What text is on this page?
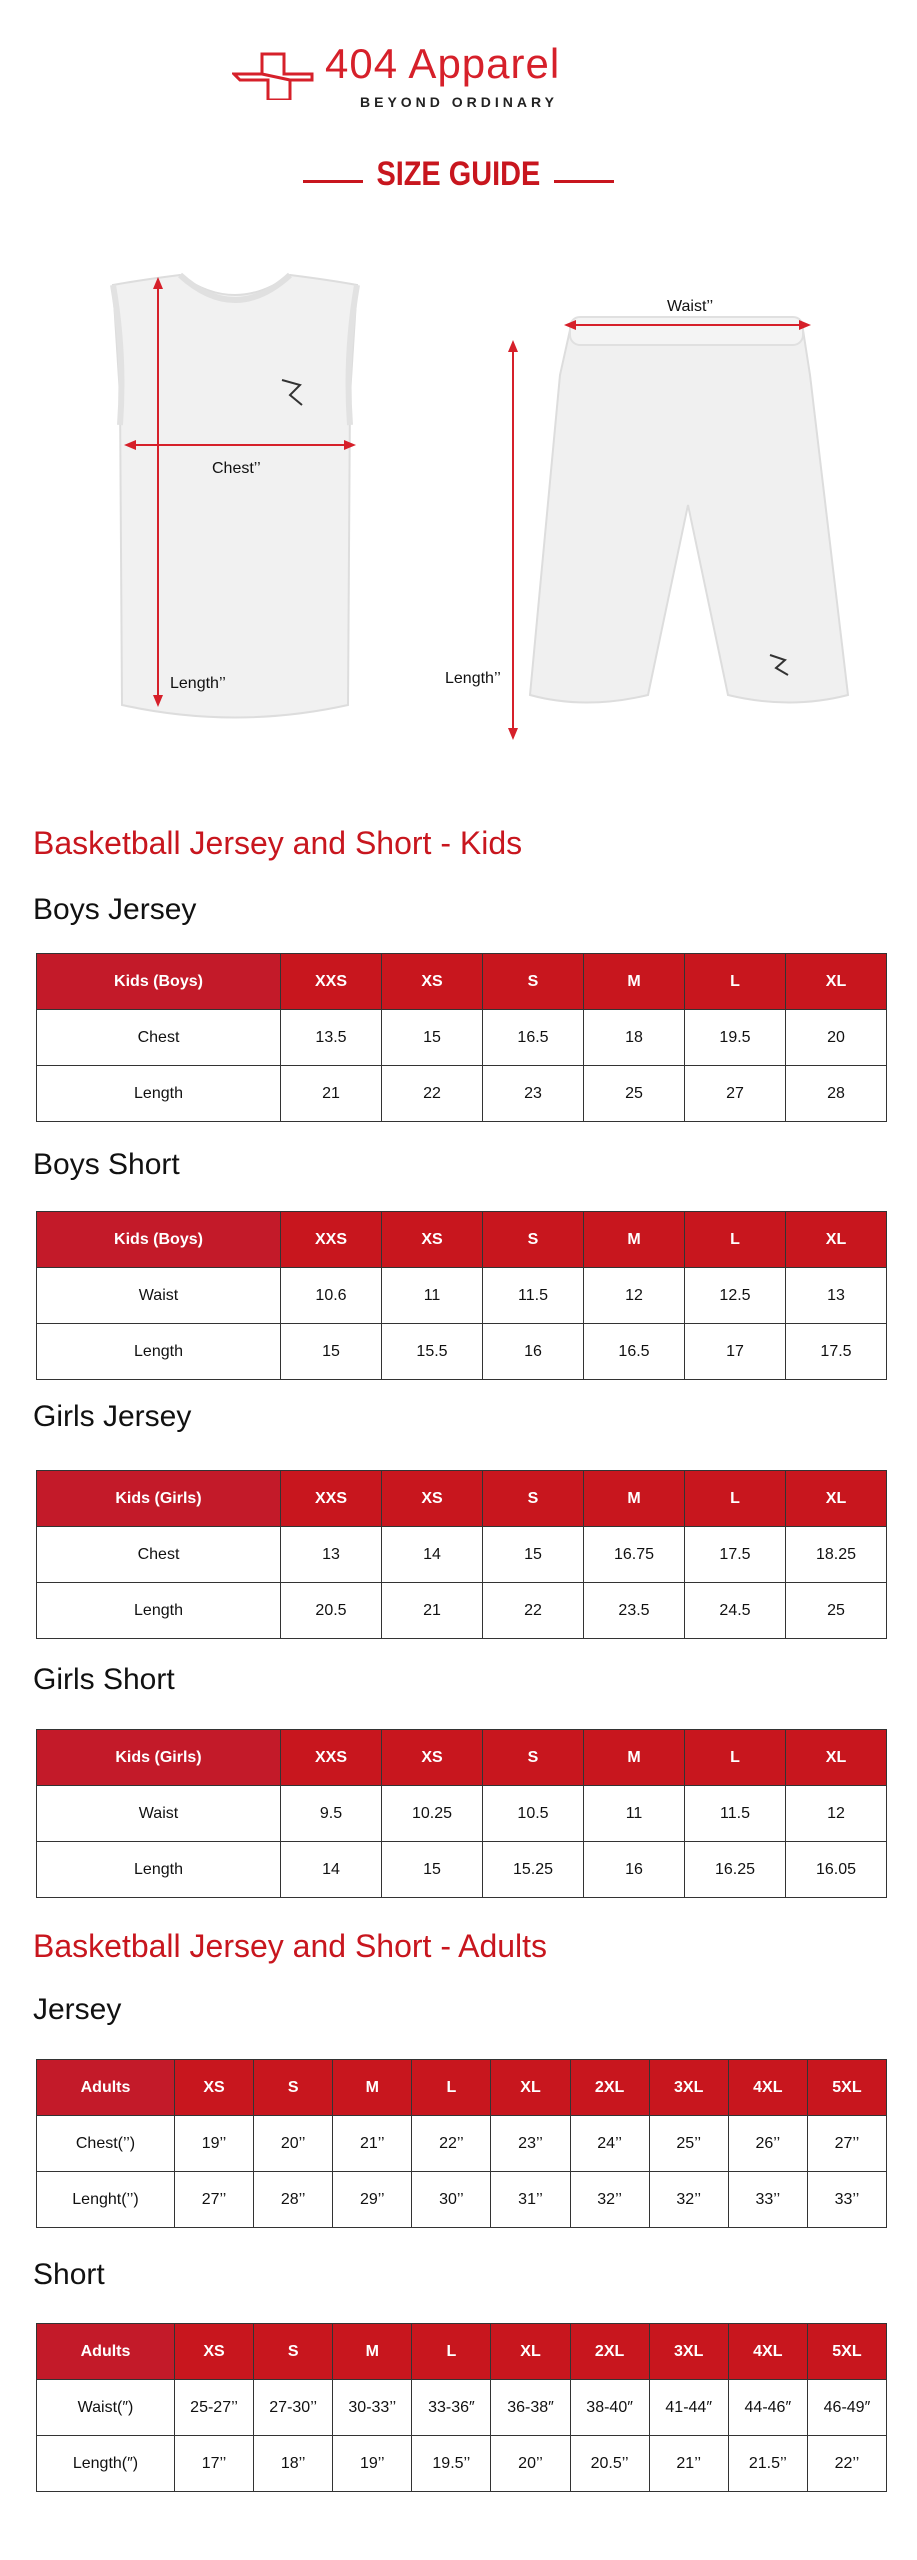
404 Apparel
BEYOND ORDINARY
SIZE GUIDE
Chest’’
Length’’
Waist’’
Length’’
Basketball Jersey and Short - Kids
Boys Jersey
Kids (Boys)	XXS	XS	S	M	L	XL
Chest	13.5	15	16.5	18	19.5	20
Length	21	22	23	25	27	28
Boys Short
Kids (Boys)	XXS	XS	S	M	L	XL
Waist	10.6	11	11.5	12	12.5	13
Length	15	15.5	16	16.5	17	17.5
Girls Jersey
Kids (Girls)	XXS	XS	S	M	L	XL
Chest	13	14	15	16.75	17.5	18.25
Length	20.5	21	22	23.5	24.5	25
Girls Short
Kids (Girls)	XXS	XS	S	M	L	XL
Waist	9.5	10.25	10.5	11	11.5	12
Length	14	15	15.25	16	16.25	16.05
Basketball Jersey and Short - Adults
Jersey
Adults	XS	S	M	L	XL	2XL	3XL	4XL	5XL
Chest(’’)	19’’	20’’	21’’	22’’	23’’	24’’	25’’	26’’	27’’
Lenght(’’)	27’’	28’’	29’’	30’’	31’’	32’’	32’’	33’’	33’’
Short
Adults	XS	S	M	L	XL	2XL	3XL	4XL	5XL
Waist(″)	25-27’’	27-30’’	30-33’’	33-36″	36-38″	38-40″	41-44″	44-46″	46-49″
Length(″)	17’’	18’’	19’’	19.5’’	20’’	20.5’’	21’’	21.5’’	22’’
